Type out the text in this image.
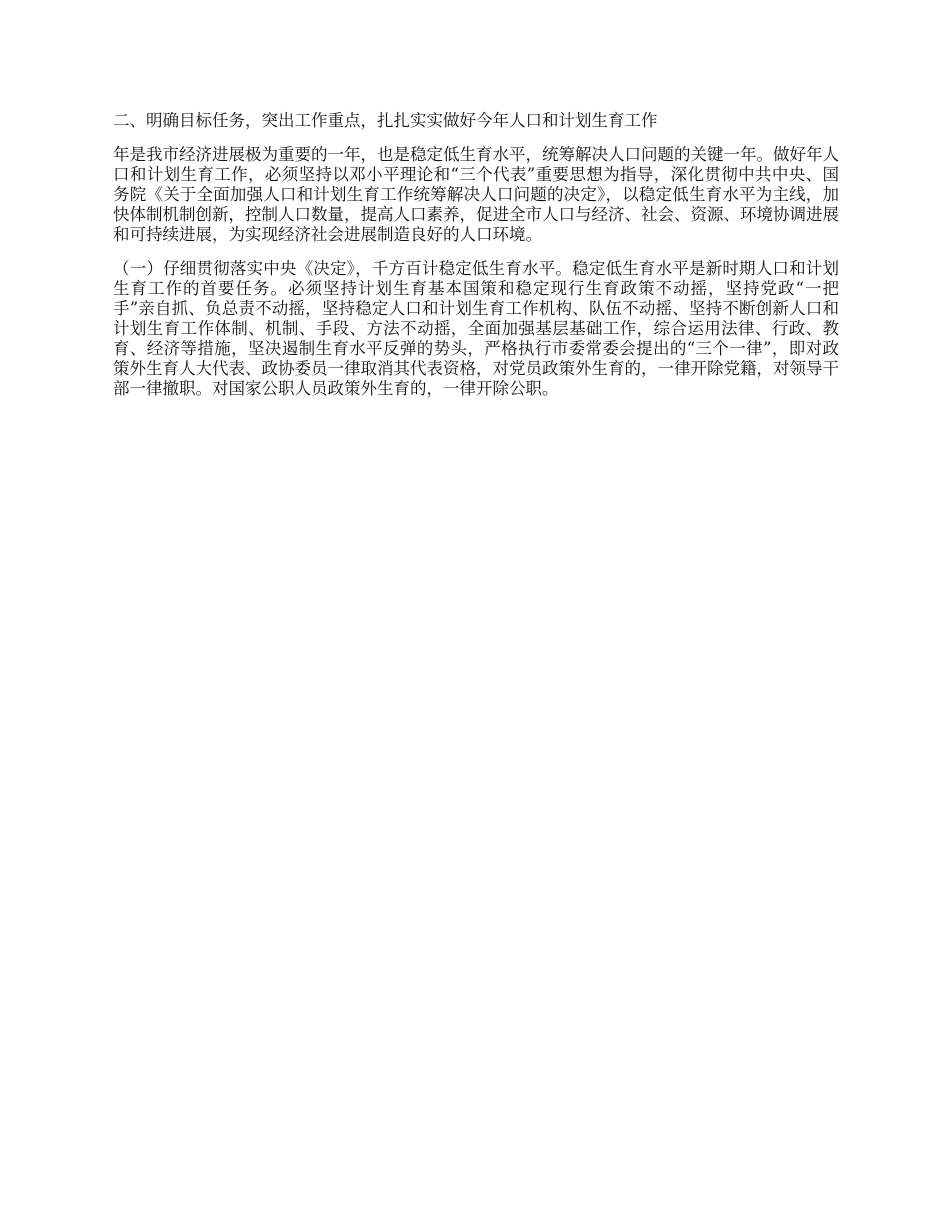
二、明确目标任务，突出工作重点，扎扎实实做好今年人口和计划生育工作

年是我市经济进展极为重要的一年，也是稳定低生育水平，统筹解决人口问题的关键一年。做好年人口和计划生育工作，必须坚持以邓小平理论和“三个代表”重要思想为指导，深化贯彻中共中央、国务院《关于全面加强人口和计划生育工作统筹解决人口问题的决定》，以稳定低生育水平为主线，加快体制机制创新，控制人口数量，提高人口素养，促进全市人口与经济、社会、资源、环境协调进展和可持续进展，为实现经济社会进展制造良好的人口环境。

（一）仔细贯彻落实中央《决定》，千方百计稳定低生育水平。稳定低生育水平是新时期人口和计划生育工作的首要任务。必须坚持计划生育基本国策和稳定现行生育政策不动摇，坚持党政“一把手”亲自抓、负总责不动摇，坚持稳定人口和计划生育工作机构、队伍不动摇、坚持不断创新人口和计划生育工作体制、机制、手段、方法不动摇，全面加强基层基础工作，综合运用法律、行政、教育、经济等措施，坚决遏制生育水平反弹的势头，严格执行市委常委会提出的“三个一律”，即对政策外生育人大代表、政协委员一律取消其代表资格，对党员政策外生育的，一律开除党籍，对领导干部一律撤职。对国家公职人员政策外生育的，一律开除公职。
